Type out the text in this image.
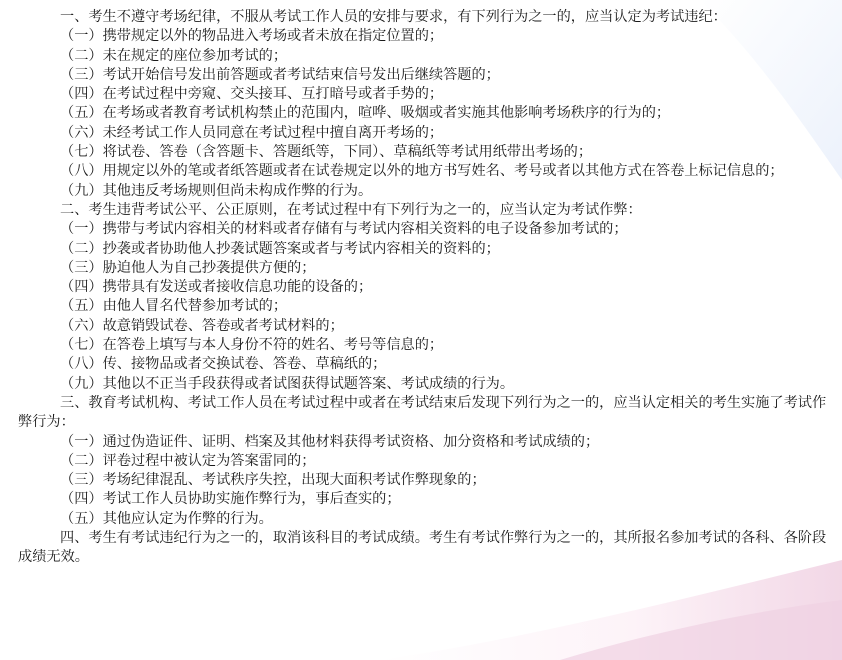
一、考生不遵守考场纪律，不服从考试工作人员的安排与要求，有下列行为之一的，应当认定为考试违纪：

（一）携带规定以外的物品进入考场或者未放在指定位置的；

（二）未在规定的座位参加考试的；

（三）考试开始信号发出前答题或者考试结束信号发出后继续答题的；

（四）在考试过程中旁窥、交头接耳、互打暗号或者手势的；

（五）在考场或者教育考试机构禁止的范围内，喧哗、吸烟或者实施其他影响考场秩序的行为的；

（六）未经考试工作人员同意在考试过程中擅自离开考场的；

（七）将试卷、答卷（含答题卡、答题纸等，下同）、草稿纸等考试用纸带出考场的；

（八）用规定以外的笔或者纸答题或者在试卷规定以外的地方书写姓名、考号或者以其他方式在答卷上标记信息的；

（九）其他违反考场规则但尚未构成作弊的行为。

二、考生违背考试公平、公正原则，在考试过程中有下列行为之一的，应当认定为考试作弊：

（一）携带与考试内容相关的材料或者存储有与考试内容相关资料的电子设备参加考试的；

（二）抄袭或者协助他人抄袭试题答案或者与考试内容相关的资料的；

（三）胁迫他人为自己抄袭提供方便的；

（四）携带具有发送或者接收信息功能的设备的；

（五）由他人冒名代替参加考试的；

（六）故意销毁试卷、答卷或者考试材料的；

（七）在答卷上填写与本人身份不符的姓名、考号等信息的；

（八）传、接物品或者交换试卷、答卷、草稿纸的；

（九）其他以不正当手段获得或者试图获得试题答案、考试成绩的行为。

三、教育考试机构、考试工作人员在考试过程中或者在考试结束后发现下列行为之一的，应当认定相关的考生实施了考试作弊行为：

（一）通过伪造证件、证明、档案及其他材料获得考试资格、加分资格和考试成绩的；

（二）评卷过程中被认定为答案雷同的；

（三）考场纪律混乱、考试秩序失控，出现大面积考试作弊现象的；

（四）考试工作人员协助实施作弊行为，事后查实的；

（五）其他应认定为作弊的行为。

四、考生有考试违纪行为之一的，取消该科目的考试成绩。考生有考试作弊行为之一的，其所报名参加考试的各科、各阶段成绩无效。
